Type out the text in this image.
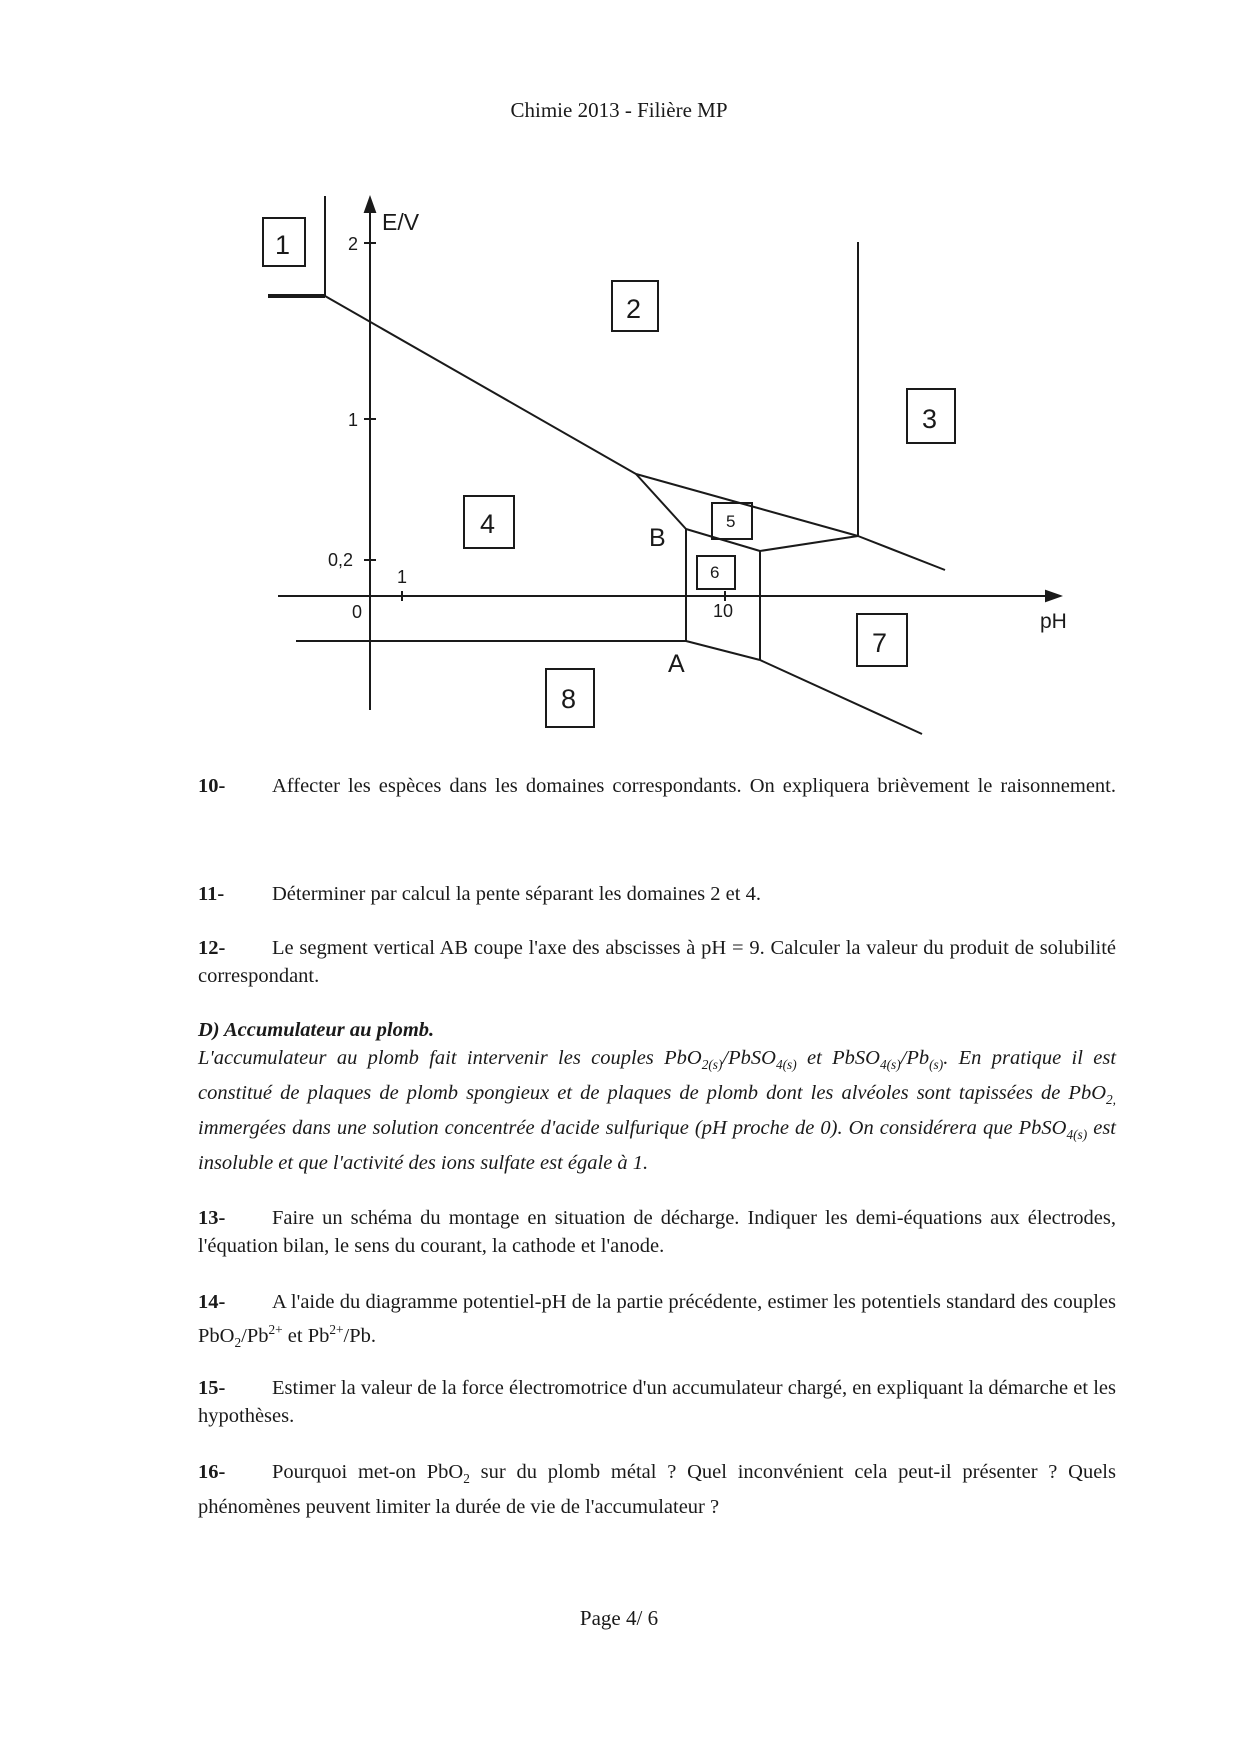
Chimie 2013 - Filière MP
E/V
pH
2
1
0,2
0
1
10
B
A
1
2
3
4	5
6
7
8
10- Affecter les espèces dans les domaines correspondants. On expliquera brièvement le raisonnement.
11- Déterminer par calcul la pente séparant les domaines 2 et 4.
12- Le segment vertical AB coupe l'axe des abscisses à pH = 9. Calculer la valeur du produit de solubilité correspondant.
D) Accumulateur au plomb.
L'accumulateur au plomb fait intervenir les couples PbO$_{2(s)}$/PbSO$_{4(s)}$ et $PbSO_{4(s)}/Pb_{(s)}$. En pratique il est constitué de plaques de plomb spongieux et de plaques de plomb dont les alvéoles sont tapissées de PbO$_{2,}$ immergées dans une solution concentrée d'acide sulfurique (pH proche de 0). On considérera que PbSO$_{4(s)}$ est insoluble et que l'activité des ions sulfate est égale à 1.
13- Faire un schéma du montage en situation de décharge. Indiquer les demi-équations aux électrodes, l'équation bilan, le sens du courant, la cathode et l'anode.
14- A l'aide du diagramme potentiel-pH de la partie précédente, estimer les potentiels standard des couples $PbO_2/Pb^{2+}$ et $Pb^{2+}/Pb$.
15- Estimer la valeur de la force électromotrice d'un accumulateur chargé, en expliquant la démarche et les hypothèses.
16- Pourquoi met-on PbO$_2$ sur du plomb métal ? Quel inconvénient cela peut-il présenter ? Quels phénomènes peuvent limiter la durée de vie de l'accumulateur ?
Page 4/ 6
